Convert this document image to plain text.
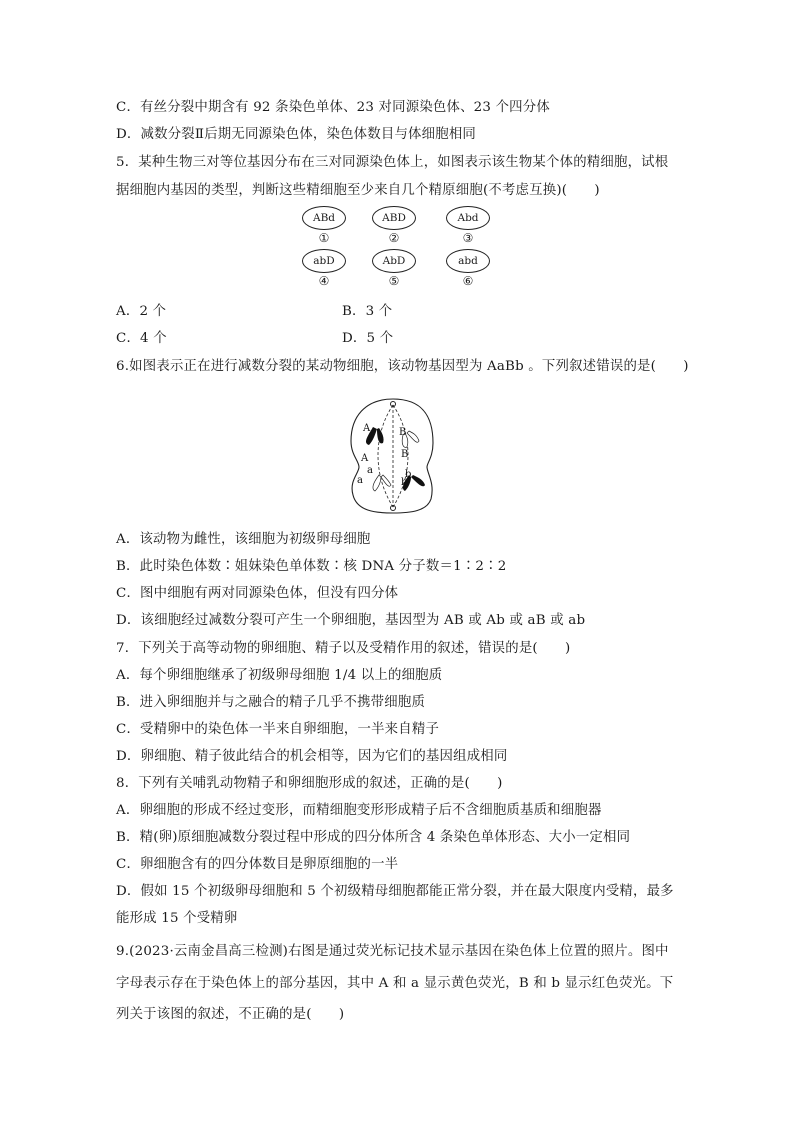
C．有丝分裂中期含有 92 条染色单体、23 对同源染色体、23 个四分体
D．减数分裂Ⅱ后期无同源染色体，染色体数目与体细胞相同
5．某种生物三对等位基因分布在三对同源染色体上，如图表示该生物某个体的精细胞，试根
据细胞内基因的类型，判断这些精细胞至少来自几个精原细胞(不考虑互换)(　　)
ABd
①
ABD
②
Abd
③
abD
④
AbD
⑤
abd
⑥
A．2 个	B．3 个
C．4 个	D．5 个
6.如图表示正在进行减数分裂的某动物细胞，该动物基因型为 AaBb 。下列叙述错误的是(　　)
A
A
a
a
B
B
b
b
A．该动物为雌性，该细胞为初级卵母细胞
B．此时染色体数∶姐妹染色单体数∶核 DNA 分子数＝1∶2∶2
C．图中细胞有两对同源染色体，但没有四分体
D．该细胞经过减数分裂可产生一个卵细胞，基因型为 AB 或 Ab 或 aB 或 ab
7．下列关于高等动物的卵细胞、精子以及受精作用的叙述，错误的是(　　)
A．每个卵细胞继承了初级卵母细胞 1/4 以上的细胞质
B．进入卵细胞并与之融合的精子几乎不携带细胞质
C．受精卵中的染色体一半来自卵细胞，一半来自精子
D．卵细胞、精子彼此结合的机会相等，因为它们的基因组成相同
8．下列有关哺乳动物精子和卵细胞形成的叙述，正确的是(　　)
A．卵细胞的形成不经过变形，而精细胞变形形成精子后不含细胞质基质和细胞器
B．精(卵)原细胞减数分裂过程中形成的四分体所含 4 条染色单体形态、大小一定相同
C．卵细胞含有的四分体数目是卵原细胞的一半
D．假如 15 个初级卵母细胞和 5 个初级精母细胞都能正常分裂，并在最大限度内受精，最多
能形成 15 个受精卵
9.(2023·云南金昌高三检测)右图是通过荧光标记技术显示基因在染色体上位置的照片。图中
字母表示存在于染色体上的部分基因，其中 A 和 a 显示黄色荧光，B 和 b 显示红色荧光。下
列关于该图的叙述，不正确的是(　　)
